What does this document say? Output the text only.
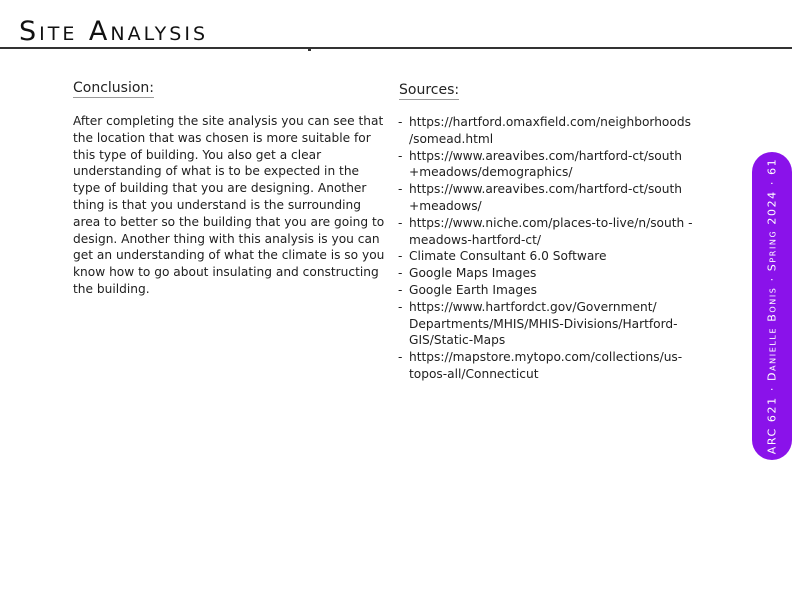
Site Analysis
Conclusion:

After completing the site analysis you can see that the location that was chosen is more suitable for this type of building. You also get a clear understanding of what is to be expected in the type of building that you are designing. Another thing is that you understand is the surrounding area to better so the building that you are going to design. Another thing with this analysis is you can get an understanding of what the climate is so you know how to go about insulating and constructing the building.

Sources:
- https://hartford.omaxfield.com/neighborhoods /somead.html
- https://www.areavibes.com/hartford-ct/south +meadows/demographics/
- https://www.areavibes.com/hartford-ct/south +meadows/
- https://www.niche.com/places-to-live/n/south -meadows-hartford-ct/
- Climate Consultant 6.0 Software
- Google Maps Images
- Google Earth Images
- https://www.hartfordct.gov/Government/ Departments/MHIS/MHIS-Divisions/Hartford- GIS/Static-Maps
- https://mapstore.mytopo.com/collections/us- topos-all/Connecticut	ARC 621 · Danielle Bonis · Spring 2024 · 61
